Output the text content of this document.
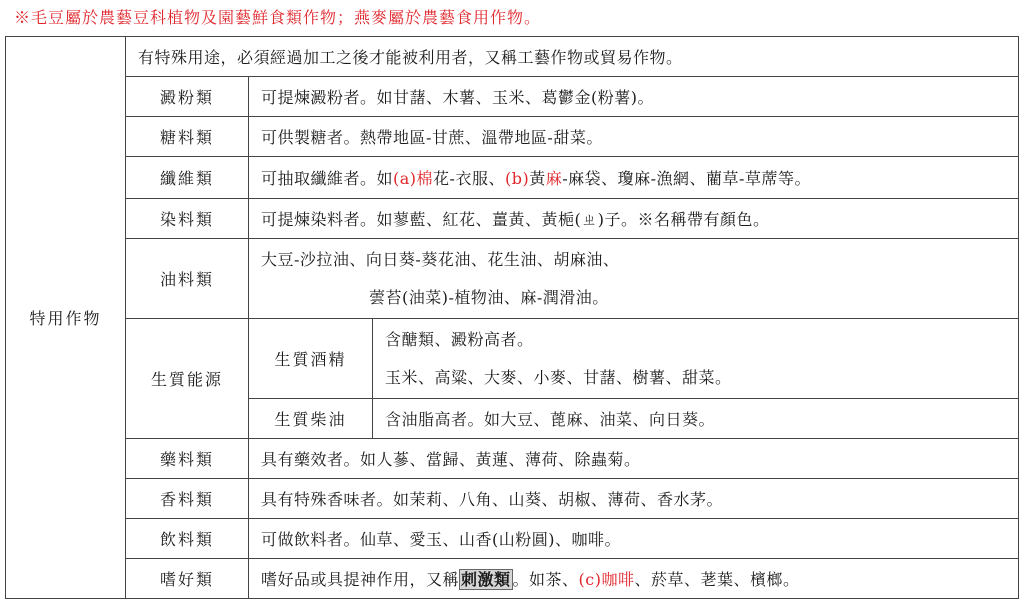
※毛豆屬於農藝豆科植物及園藝鮮食類作物；燕麥屬於農藝食用作物。
特用作物	有特殊用途，必須經過加工之後才能被利用者，又稱工藝作物或貿易作物。		
	澱粉類	可提煉澱粉者。如甘藷、木薯、玉米、葛鬱金(粉薯)。	
	糖料類	可供製糖者。熱帶地區-甘蔗、溫帶地區-甜菜。	
	纖維類	可抽取纖維者。如(a)棉花-衣服、(b)黃麻-麻袋、瓊麻-漁網、藺草-草蓆等。	
	染料類	可提煉染料者。如蓼藍、紅花、薑黃、黃梔(ㄓ)子。※名稱帶有顏色。	
	油料類	大豆-沙拉油、向日葵-葵花油、花生油、胡麻油、
蕓苔(油菜)-植物油、麻-潤滑油。	

	生質能源	生質酒精	含醣類、澱粉高者。
玉米、高粱、大麥、小麥、甘藷、樹薯、甜菜。

		生質柴油	含油脂高者。如大豆、蓖麻、油菜、向日葵。
	藥料類	具有藥效者。如人蔘、當歸、黃蓮、薄荷、除蟲菊。	
	香料類	具有特殊香味者。如茉莉、八角、山葵、胡椒、薄荷、香水茅。	
	飲料類	可做飲料者。仙草、愛玉、山香(山粉圓)、咖啡。	
	嗜好類	嗜好品或具提神作用，又稱 刺激類 。如茶、(c)咖啡、菸草、荖葉、檳榔。	
